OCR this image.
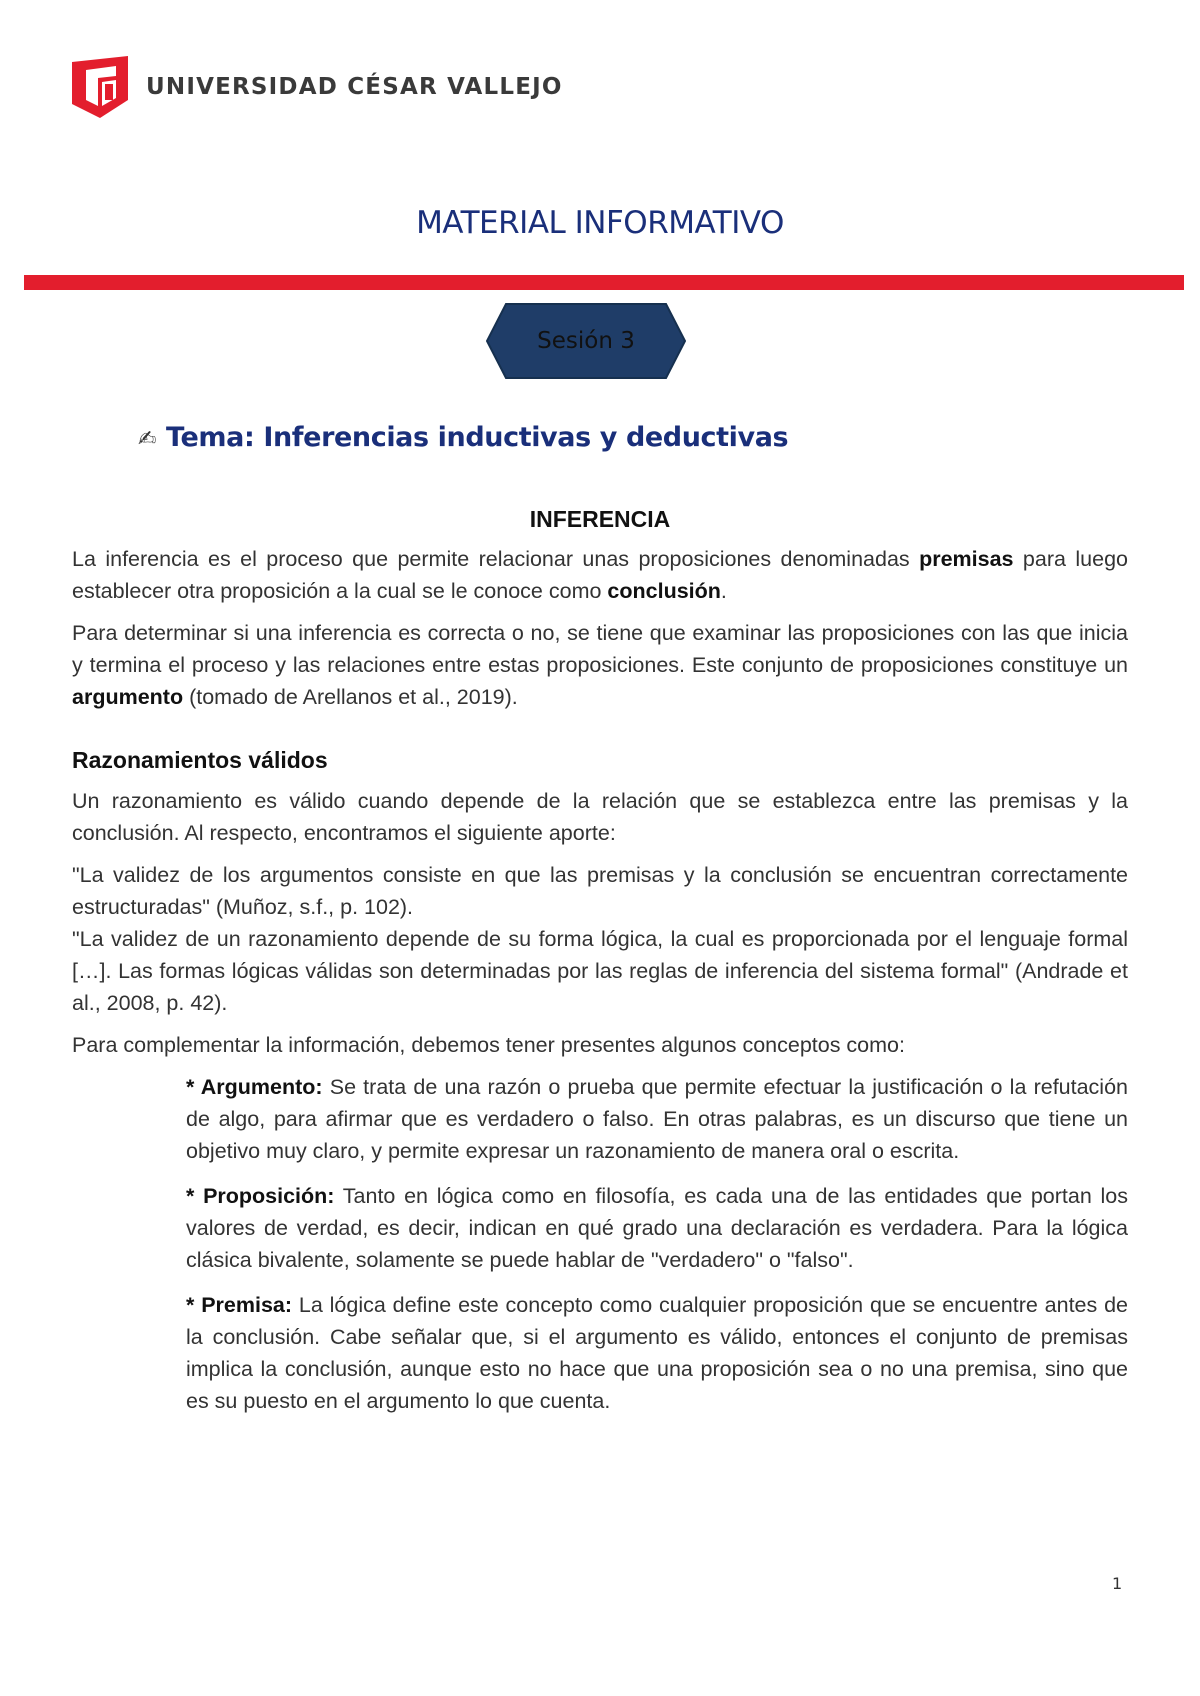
UNIVERSIDAD CÉSAR VALLEJO
MATERIAL INFORMATIVO
Sesión 3
✍ Tema: Inferencias inductivas y deductivas
INFERENCIA

La inferencia es el proceso que permite relacionar unas proposiciones denominadas premisas para luego establecer otra proposición a la cual se le conoce como conclusión.

Para determinar si una inferencia es correcta o no, se tiene que examinar las proposiciones con las que inicia y termina el proceso y las relaciones entre estas proposiciones. Este conjunto de proposiciones constituye un argumento (tomado de Arellanos et al., 2019).

Razonamientos válidos

Un razonamiento es válido cuando depende de la relación que se establezca entre las premisas y la conclusión. Al respecto, encontramos el siguiente aporte:

"La validez de los argumentos consiste en que las premisas y la conclusión se encuentran correctamente estructuradas" (Muñoz, s.f., p. 102).

"La validez de un razonamiento depende de su forma lógica, la cual es proporcionada por el lenguaje formal […]. Las formas lógicas válidas son determinadas por las reglas de inferencia del sistema formal" (Andrade et al., 2008, p. 42).

Para complementar la información, debemos tener presentes algunos conceptos como:

* Argumento: Se trata de una razón o prueba que permite efectuar la justificación o la refutación de algo, para afirmar que es verdadero o falso. En otras palabras, es un discurso que tiene un objetivo muy claro, y permite expresar un razonamiento de manera oral o escrita.

* Proposición: Tanto en lógica como en filosofía, es cada una de las entidades que portan los valores de verdad, es decir, indican en qué grado una declaración es verdadera. Para la lógica clásica bivalente, solamente se puede hablar de "verdadero" o "falso".

* Premisa: La lógica define este concepto como cualquier proposición que se encuentre antes de la conclusión. Cabe señalar que, si el argumento es válido, entonces el conjunto de premisas implica la conclusión, aunque esto no hace que una proposición sea o no una premisa, sino que es su puesto en el argumento lo que cuenta.

1
